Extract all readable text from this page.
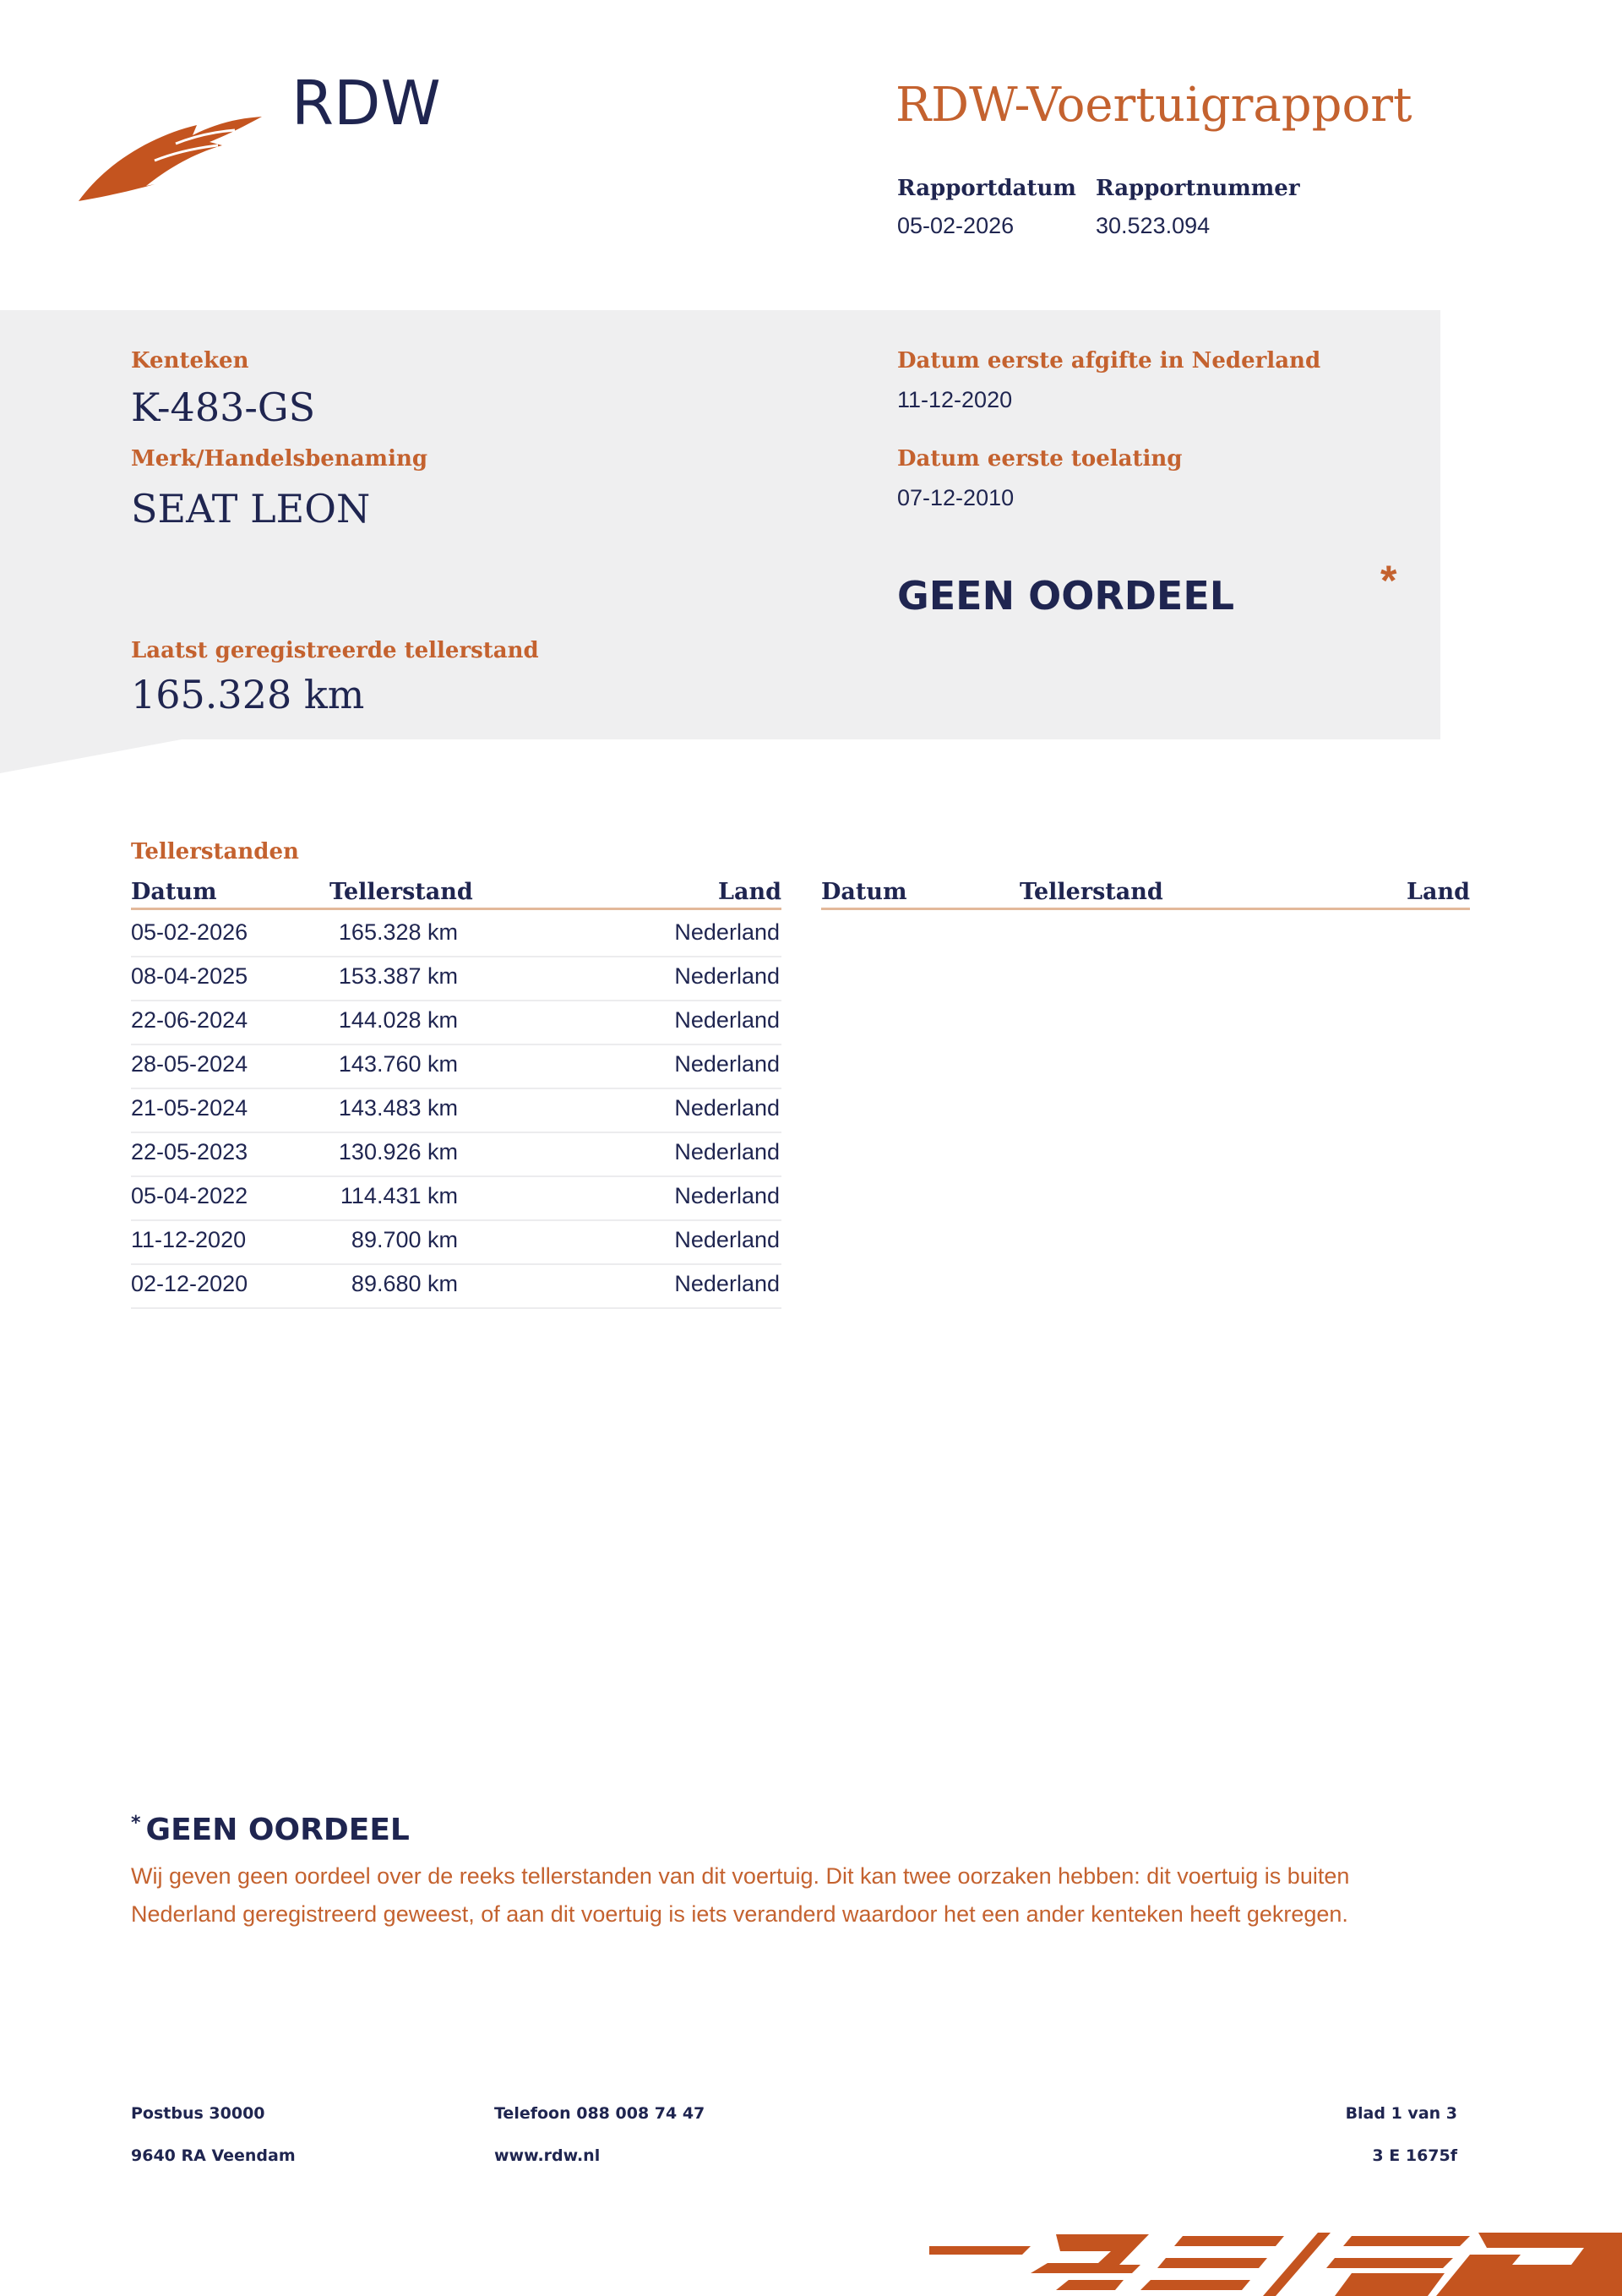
RDW	RDW-Voertuigrapport
Rapportdatum
05-02-2026
Rapportnummer
30.523.094
Kenteken
K-483-GS
Merk/Handelsbenaming
SEAT LEON
Datum eerste afgifte in Nederland
11-12-2020
Datum eerste toelating
07-12-2010
GEEN OORDEEL	*
Laatst geregistreerde tellerstand
165.328 km
Tellerstanden
Datum	Tellerstand	Land Datum	Tellerstand	Land
05-02-2026	165.328 km	Nederland
08-04-2025	153.387 km	Nederland
22-06-2024	144.028 km	Nederland
28-05-2024	143.760 km	Nederland
21-05-2024	143.483 km	Nederland
22-05-2023	130.926 km	Nederland
05-04-2022	114.431 km	Nederland
11-12-2020	89.700 km	Nederland
02-12-2020	89.680 km	Nederland
* GEEN OORDEEL
Wij geven geen oordeel over de reeks tellerstanden van dit voertuig. Dit kan twee oorzaken hebben: dit voertuig is buiten Nederland geregistreerd geweest, of aan dit voertuig is iets veranderd waardoor het een ander kenteken heeft gekregen.
Postbus 30000
9640 RA Veendam
Telefoon 088 008 74 47
www.rdw.nl
Blad 1 van 3
3 E 1675f
